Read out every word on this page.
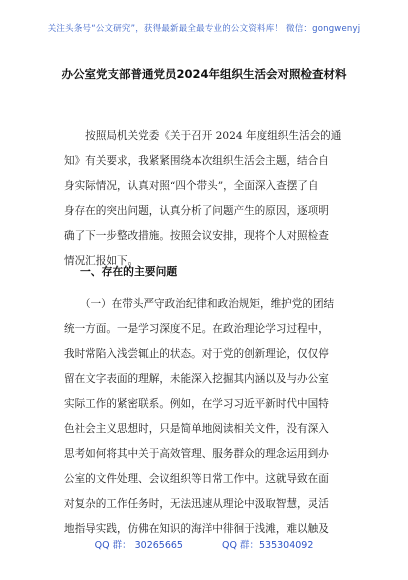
关注头条号“公文研究”，获得最新最全最专业的公文资料库！ 微信：gongwenyj
办公室党支部普通党员2024年组织生活会对照检查材料
　　按照局机关党委《关于召开 2024 年度组织生活会的通
知》有关要求，我紧紧围绕本次组织生活会主题，结合自
身实际情况，认真对照“四个带头”，全面深入查摆了自
身存在的突出问题，认真分析了问题产生的原因，逐项明
确了下一步整改措施。按照会议安排，现将个人对照检查
情况汇报如下。
一、存在的主要问题
　　（一）在带头严守政治纪律和政治规矩，维护党的团结
统一方面。一是学习深度不足。在政治理论学习过程中，
我时常陷入浅尝辄止的状态。对于党的创新理论，仅仅停
留在文字表面的理解，未能深入挖掘其内涵以及与办公室
实际工作的紧密联系。例如，在学习习近平新时代中国特
色社会主义思想时，只是简单地阅读相关文件，没有深入
思考如何将其中关于高效管理、服务群众的理念运用到办
公室的文件处理、会议组织等日常工作中。这就导致在面
对复杂的工作任务时，无法迅速从理论中汲取智慧，灵活
地指导实践，仿佛在知识的海洋中徘徊于浅滩，难以触及
QQ 群： 30265665	QQ 群：535304092
